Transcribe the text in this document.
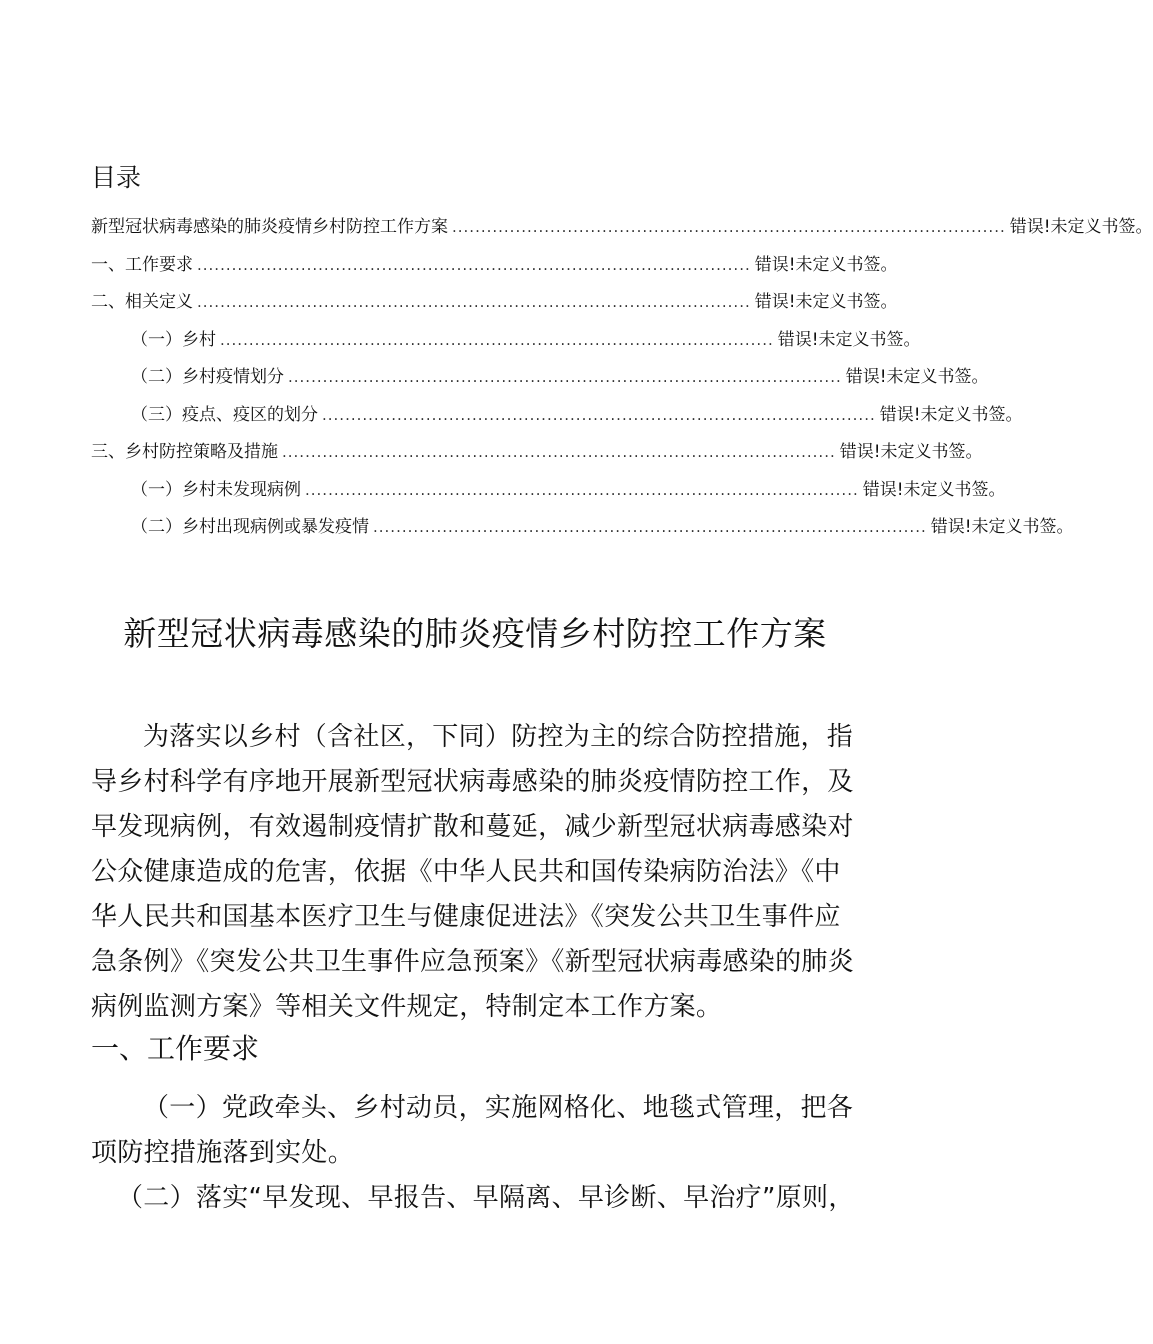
目录
新型冠状病毒感染的肺炎疫情乡村防控工作方案 ................................................................................................ 错误!未定义书签。
一、工作要求 ................................................................................................ 错误!未定义书签。
二、相关定义 ................................................................................................ 错误!未定义书签。
（一）乡村 ................................................................................................ 错误!未定义书签。
（二）乡村疫情划分 ................................................................................................ 错误!未定义书签。
（三）疫点、疫区的划分 ................................................................................................ 错误!未定义书签。
三、乡村防控策略及措施 ................................................................................................ 错误!未定义书签。
（一）乡村未发现病例 ................................................................................................ 错误!未定义书签。
（二）乡村出现病例或暴发疫情 ................................................................................................ 错误!未定义书签。
新型冠状病毒感染的肺炎疫情乡村防控工作方案

为落实以乡村（含社区，下同）防控为主的综合防控措施，指导乡村科学有序地开展新型冠状病毒感染的肺炎疫情防控工作，及早发现病例，有效遏制疫情扩散和蔓延，减少新型冠状病毒感染对公众健康造成的危害，依据《中华人民共和国传染病防治法》《中华人民共和国基本医疗卫生与健康促进法》《突发公共卫生事件应急条例》《突发公共卫生事件应急预案》《新型冠状病毒感染的肺炎病例监测方案》等相关文件规定，特制定本工作方案。

一、工作要求

（一）党政牵头、乡村动员，实施网格化、地毯式管理，把各项防控措施落到实处。

（二）落实“早发现、早报告、早隔离、早诊断、早治疗”原则，
